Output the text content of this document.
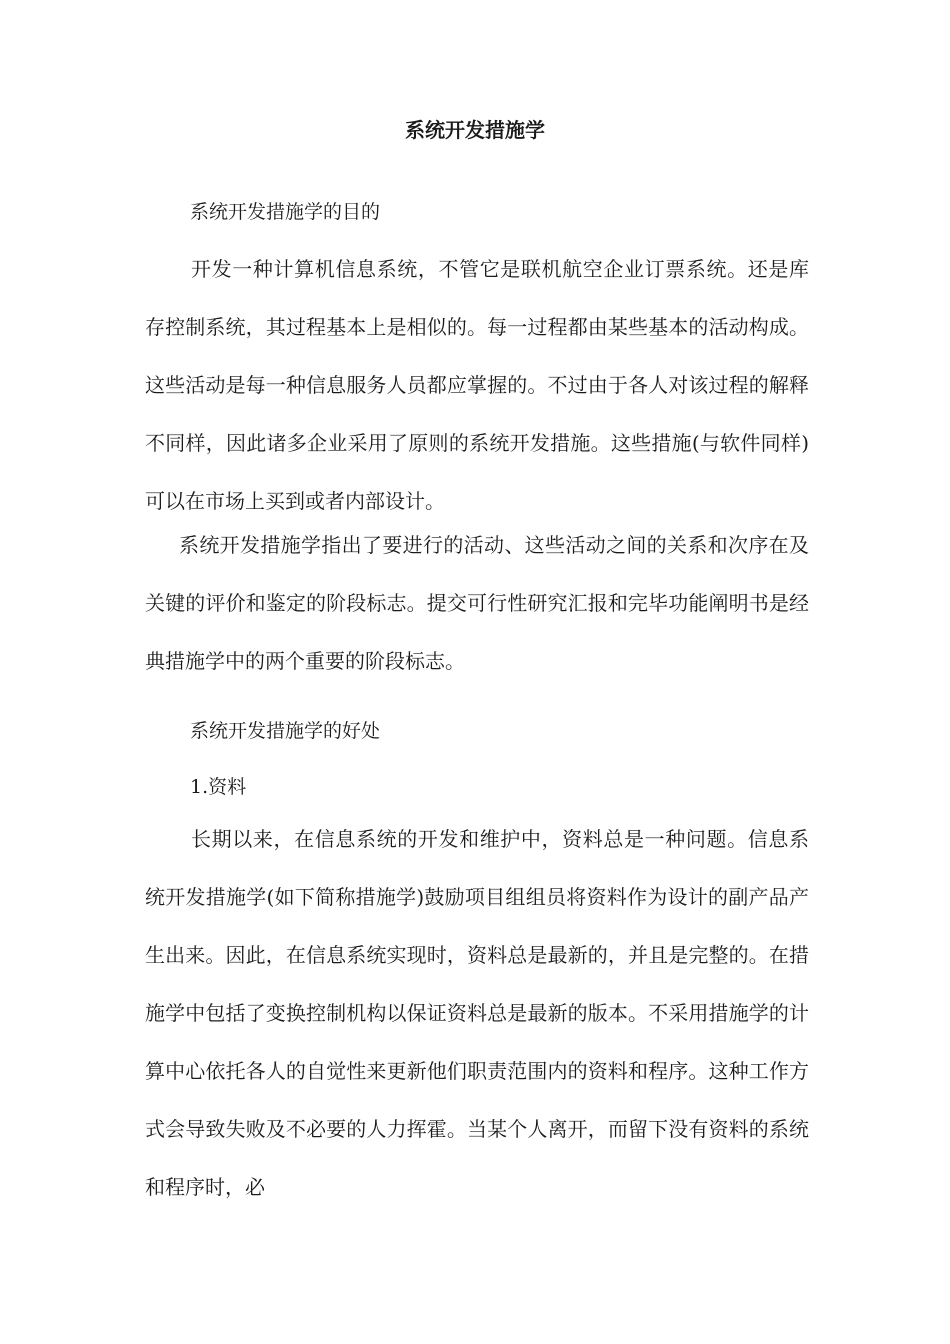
系统开发措施学

系统开发措施学的目的

开发一种计算机信息系统，不管它是联机航空企业订票系统。还是库存控制系统，其过程基本上是相似的。每一过程都由某些基本的活动构成。这些活动是每一种信息服务人员都应掌握的。不过由于各人对该过程的解释不同样，因此诸多企业采用了原则的系统开发措施。这些措施(与软件同样)可以在市场上买到或者内部设计。

系统开发措施学指出了要进行的活动、这些活动之间的关系和次序在及关键的评价和鉴定的阶段标志。提交可行性研究汇报和完毕功能阐明书是经典措施学中的两个重要的阶段标志。

系统开发措施学的好处

1.资料

长期以来，在信息系统的开发和维护中，资料总是一种问题。信息系统开发措施学(如下简称措施学)鼓励项目组组员将资料作为设计的副产品产生出来。因此，在信息系统实现时，资料总是最新的，并且是完整的。在措施学中包括了变换控制机构以保证资料总是最新的版本。不采用措施学的计算中心依托各人的自觉性来更新他们职责范围内的资料和程序。这种工作方式会导致失败及不必要的人力挥霍。当某个人离开，而留下没有资料的系统和程序时，必
